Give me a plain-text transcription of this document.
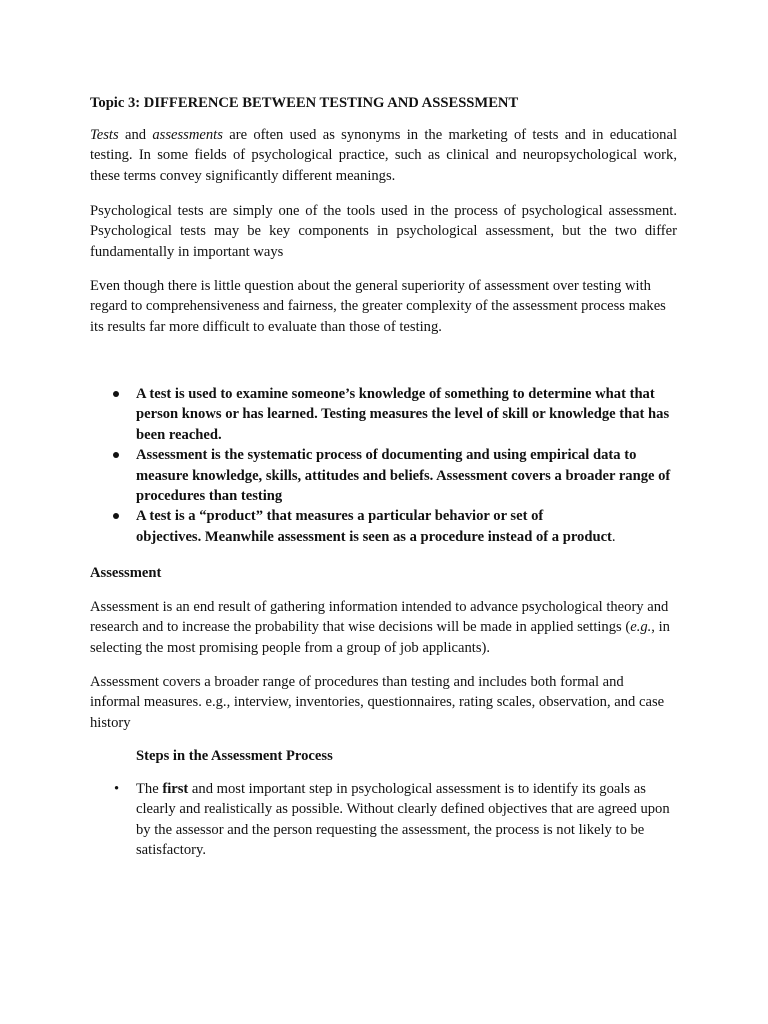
Topic 3: DIFFERENCE BETWEEN TESTING AND ASSESSMENT

Tests and assessments are often used as synonyms in the marketing of tests and in educational testing. In some fields of psychological practice, such as clinical and neuropsychological work, these terms convey significantly different meanings.

Psychological tests are simply one of the tools used in the process of psychological assessment. Psychological tests may be key components in psychological assessment, but the two differ fundamentally in important ways

Even though there is little question about the general superiority of assessment over testing with regard to comprehensiveness and fairness, the greater complexity of the assessment process makes its results far more difficult to evaluate than those of testing.

A test is used to examine someone’s knowledge of something to determine what that person knows or has learned. Testing measures the level of skill or knowledge that has been reached.
Assessment is the systematic process of documenting and using empirical data to measure knowledge, skills, attitudes and beliefs. Assessment covers a broader range of procedures than testing
A test is a “product” that measures a particular behavior or set of
objectives. Meanwhile assessment is seen as a procedure instead of a product.

Assessment

Assessment is an end result of gathering information intended to advance psychological theory and research and to increase the probability that wise decisions will be made in applied settings (e.g., in selecting the most promising people from a group of job applicants).

Assessment covers a broader range of procedures than testing and includes both formal and informal measures. e.g., interview, inventories, questionnaires, rating scales, observation, and case history

Steps in the Assessment Process

• The first and most important step in psychological assessment is to identify its goals as clearly and realistically as possible. Without clearly defined objectives that are agreed upon by the assessor and the person requesting the assessment, the process is not likely to be satisfactory.
